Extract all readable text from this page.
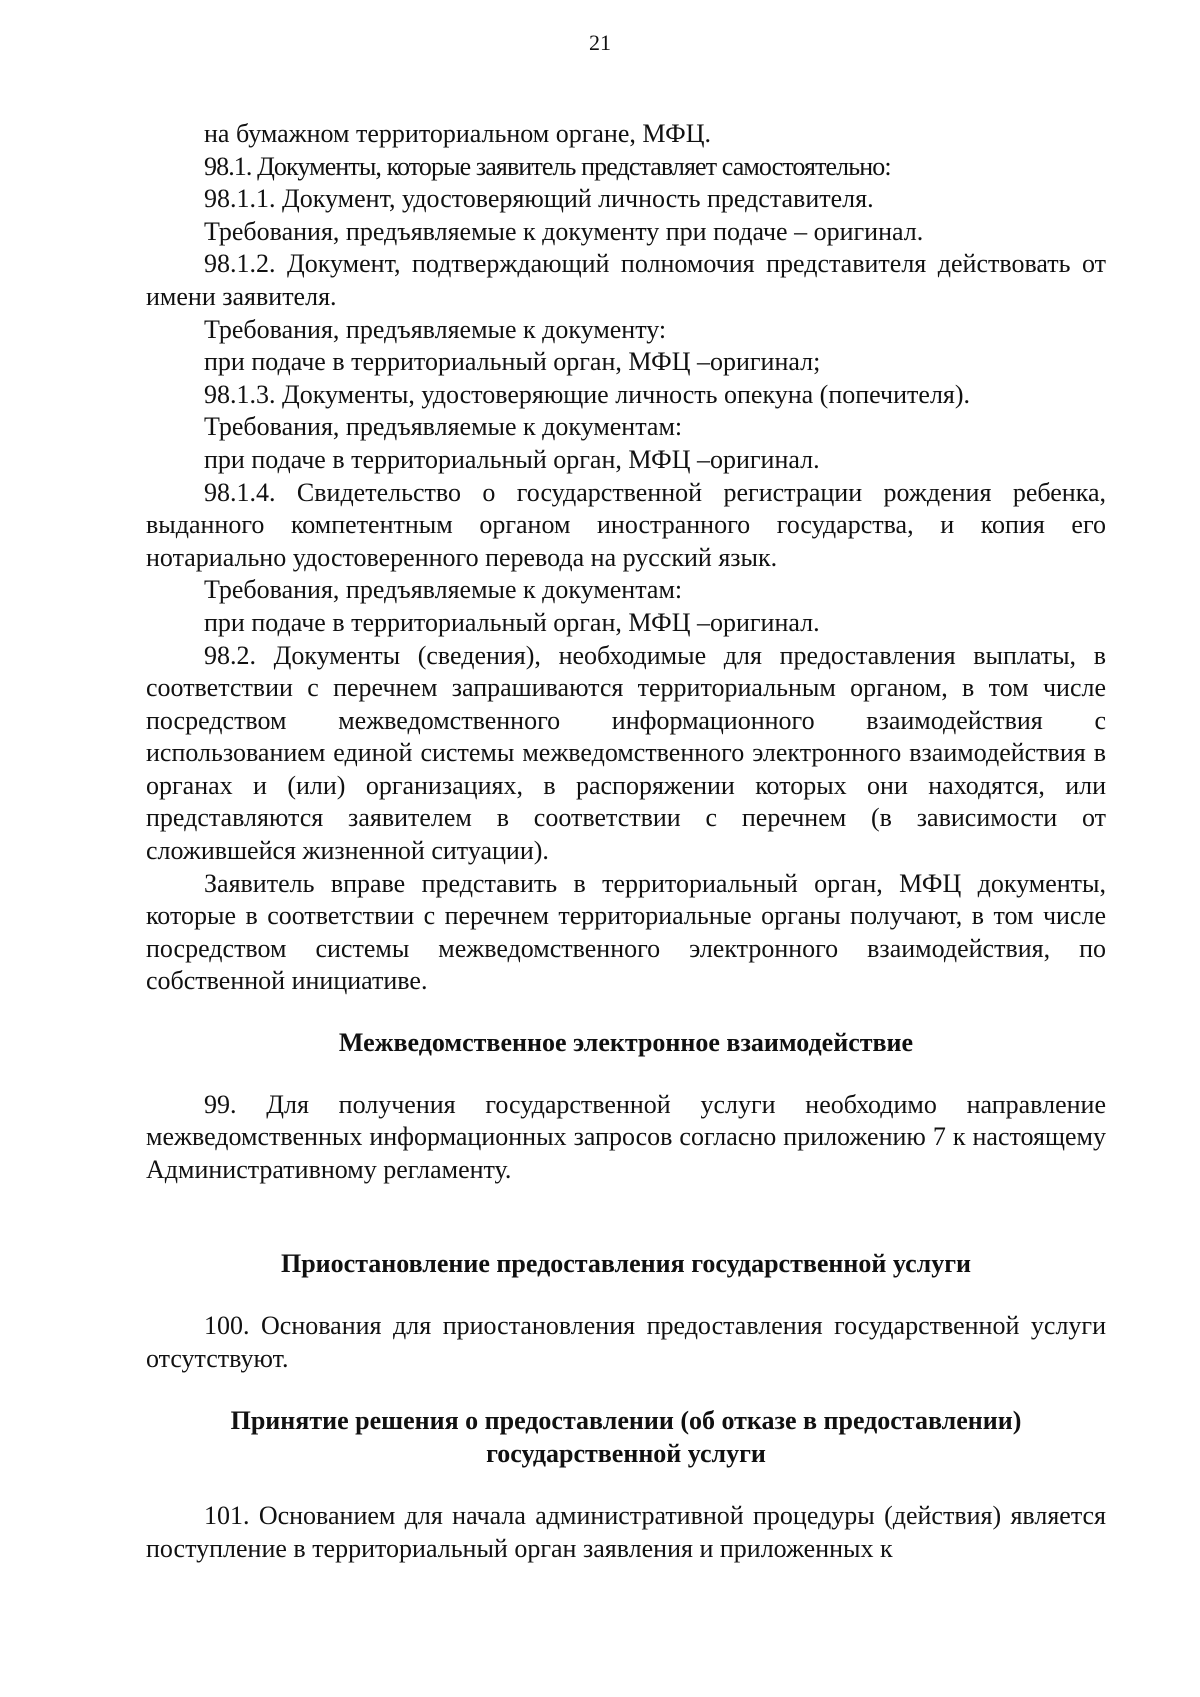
21

на бумажном территориальном органе, МФЦ.

98.1. Документы, которые заявитель представляет самостоятельно:

98.1.1. Документ, удостоверяющий личность представителя.

Требования, предъявляемые к документу при подаче – оригинал.

98.1.2. Документ, подтверждающий полномочия представителя действовать от имени заявителя.

Требования, предъявляемые к документу:

при подаче в территориальный орган, МФЦ –оригинал;

98.1.3. Документы, удостоверяющие личность опекуна (попечителя).

Требования, предъявляемые к документам:

при подаче в территориальный орган, МФЦ –оригинал.

98.1.4. Свидетельство о государственной регистрации рождения ребенка, выданного компетентным органом иностранного государства, и копия его нотариально удостоверенного перевода на русский язык.

Требования, предъявляемые к документам:

при подаче в территориальный орган, МФЦ –оригинал.

98.2. Документы (сведения), необходимые для предоставления выплаты, в соответствии с перечнем запрашиваются территориальным органом, в том числе посредством межведомственного информационного взаимодействия с использованием единой системы межведомственного электронного взаимодействия в органах и (или) организациях, в распоряжении которых они находятся, или представляются заявителем в соответствии с перечнем (в зависимости от сложившейся жизненной ситуации).

Заявитель вправе представить в территориальный орган, МФЦ документы, которые в соответствии с перечнем территориальные органы получают, в том числе посредством системы межведомственного электронного взаимодействия, по собственной инициативе.

Межведомственное электронное взаимодействие

99. Для получения государственной услуги необходимо направление межведомственных информационных запросов согласно приложению 7 к настоящему Административному регламенту.

Приостановление предоставления государственной услуги

100. Основания для приостановления предоставления государственной услуги отсутствуют.

Принятие решения о предоставлении (об отказе в предоставлении) государственной услуги

101. Основанием для начала административной процедуры (действия) является поступление в территориальный орган заявления и приложенных к
